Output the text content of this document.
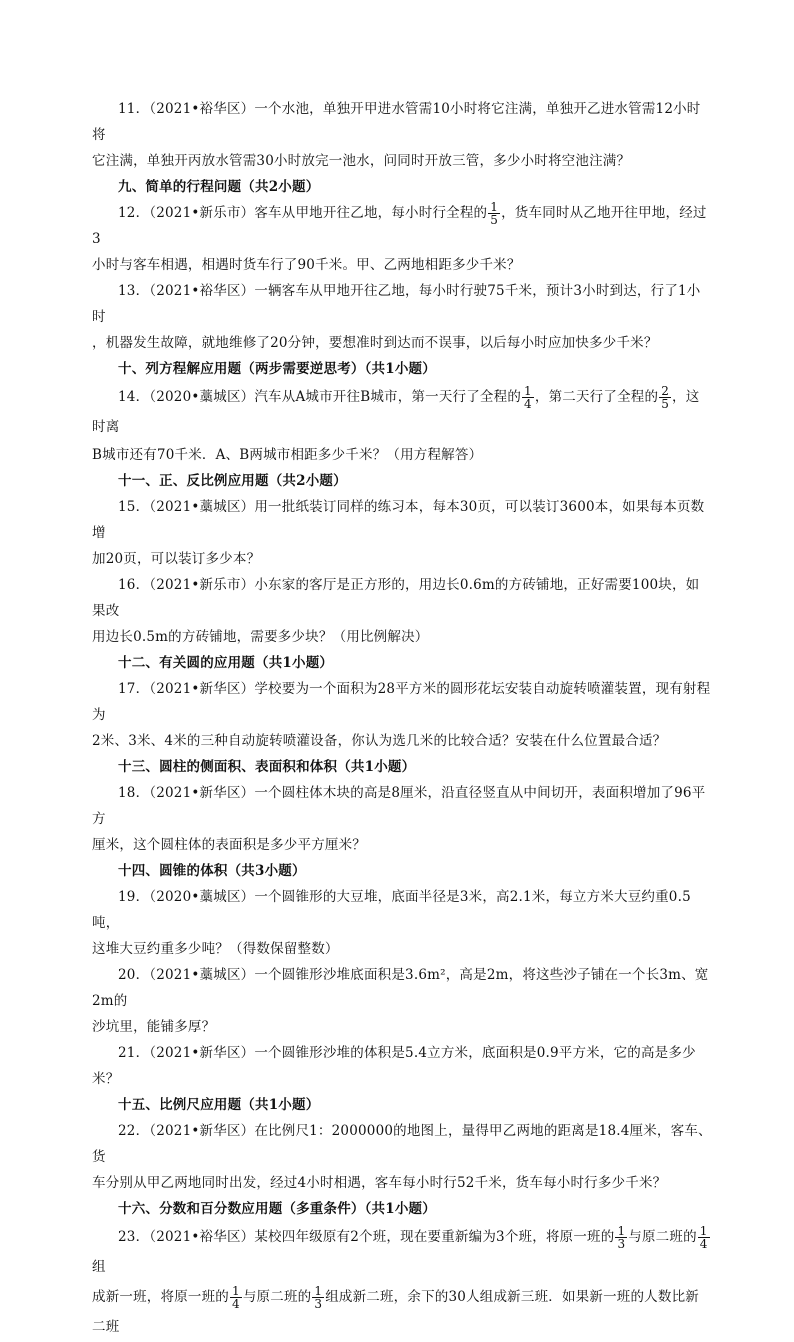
11．（2021•裕华区）一个水池，单独开甲进水管需10小时将它注满，单独开乙进水管需12小时将
它注满，单独开丙放水管需30小时放完一池水，问同时开放三管，多少小时将空池注满？
九、简单的行程问题（共2小题）
12．（2021•新乐市）客车从甲地开往乙地，每小时行全程的 $\frac{1}{5}$ ，货车同时从乙地开往甲地，经过3
小时与客车相遇，相遇时货车行了90千米。甲、乙两地相距多少千米？
13．（2021•裕华区）一辆客车从甲地开往乙地，每小时行驶75千米，预计3小时到达，行了1小时
，机器发生故障，就地维修了20分钟，要想准时到达而不误事，以后每小时应加快多少千米？
十、列方程解应用题（两步需要逆思考）（共1小题）
14．（2020•藁城区）汽车从A城市开往B城市，第一天行了全程的 $\frac{1}{4}$ ，第二天行了全程的 $\frac{2}{5}$ ，这时离
B城市还有70千米．A、B两城市相距多少千米？（用方程解答）
十一、正、反比例应用题（共2小题）
15．（2021•藁城区）用一批纸装订同样的练习本，每本30页，可以装订3600本，如果每本页数增
加20页，可以装订多少本？
16．（2021•新乐市）小东家的客厅是正方形的，用边长0.6m的方砖铺地，正好需要100块，如果改
用边长0.5m的方砖铺地，需要多少块？（用比例解决）
十二、有关圆的应用题（共1小题）
17．（2021•新华区）学校要为一个面积为28平方米的圆形花坛安装自动旋转喷灌装置，现有射程为
2米、3米、4米的三种自动旋转喷灌设备，你认为选几米的比较合适？安装在什么位置最合适？
十三、圆柱的侧面积、表面积和体积（共1小题）
18．（2021•新华区）一个圆柱体木块的高是8厘米，沿直径竖直从中间切开，表面积增加了96平方
厘米，这个圆柱体的表面积是多少平方厘米？
十四、圆锥的体积（共3小题）
19．（2020•藁城区）一个圆锥形的大豆堆，底面半径是3米，高2.1米，每立方米大豆约重0.5吨，
这堆大豆约重多少吨？（得数保留整数）
20．（2021•藁城区）一个圆锥形沙堆底面积是3.6m²，高是2m，将这些沙子铺在一个长3m、宽2m的
沙坑里，能铺多厚？
21．（2021•新华区）一个圆锥形沙堆的体积是5.4立方米，底面积是0.9平方米，它的高是多少米？
十五、比例尺应用题（共1小题）
22．（2021•新华区）在比例尺1：2000000的地图上，量得甲乙两地的距离是18.4厘米，客车、货
车分别从甲乙两地同时出发，经过4小时相遇，客车每小时行52千米，货车每小时行多少千米？
十六、分数和百分数应用题（多重条件）（共1小题）
23．（2021•裕华区）某校四年级原有2个班，现在要重新编为3个班，将原一班的 $\frac{1}{3}$ 与原二班的 $\frac{1}{4}$
组
成新一班，将原一班的 $\frac{1}{4}$ 与原二班的 $\frac{1}{3}$ 组成新二班，余下的30人组成新三班．如果新一班的人数比新二班
